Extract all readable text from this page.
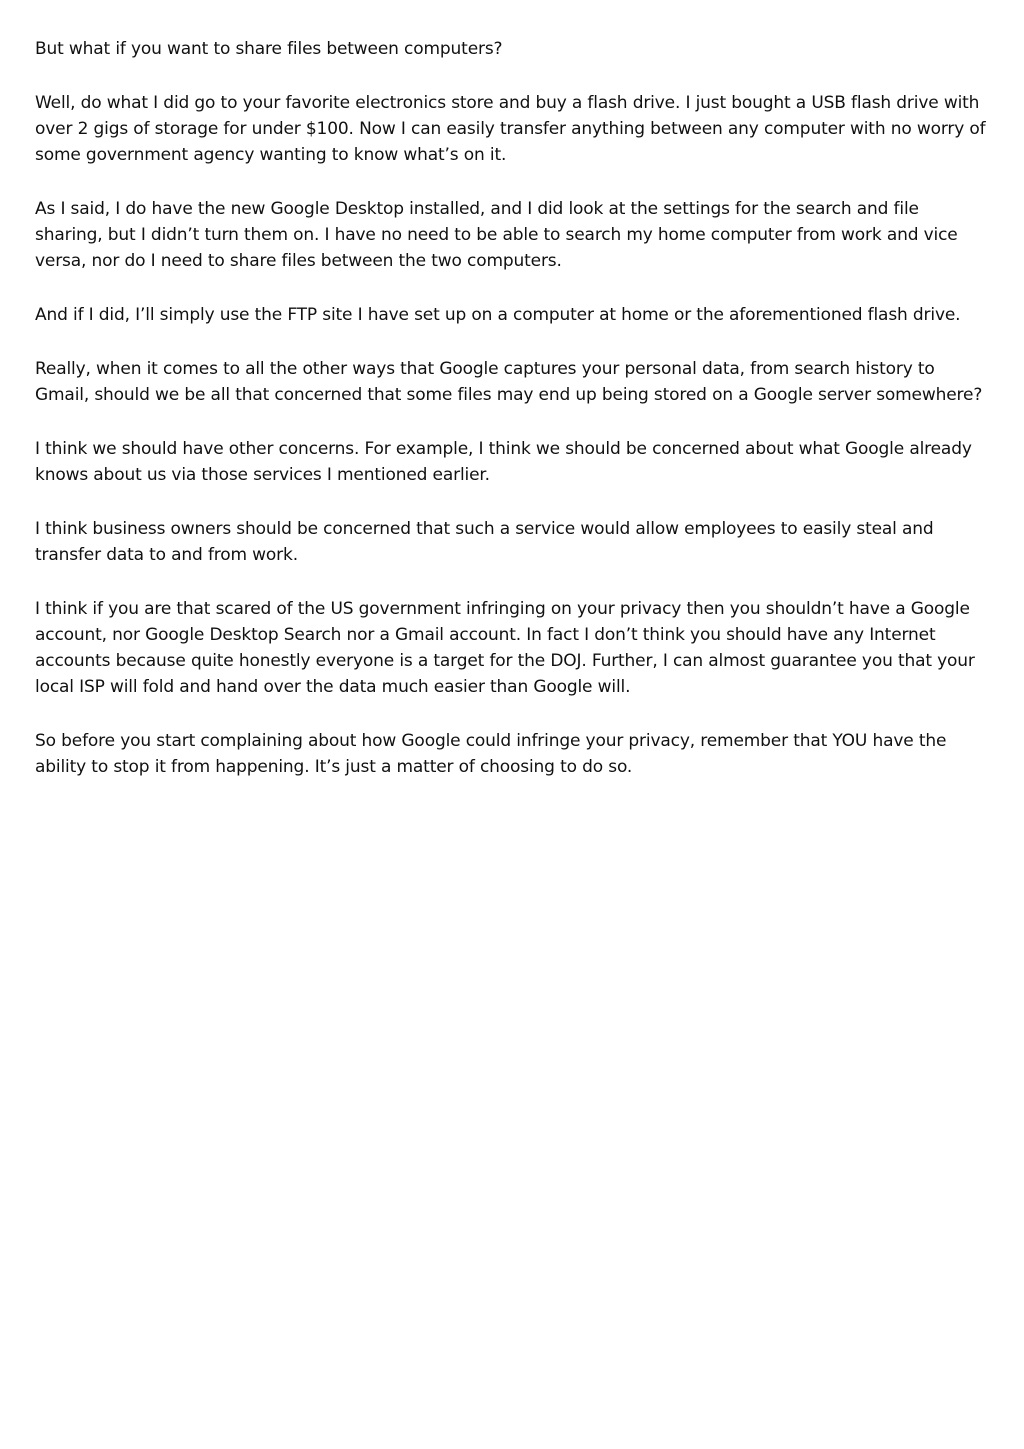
But what if you want to share files between computers?

Well, do what I did go to your favorite electronics store and buy a flash drive. I just bought a USB flash drive with over 2 gigs of storage for under $100. Now I can easily transfer anything between any computer with no worry of some government agency wanting to know what’s on it.

As I said, I do have the new Google Desktop installed, and I did look at the settings for the search and file sharing, but I didn’t turn them on. I have no need to be able to search my home computer from work and vice versa, nor do I need to share files between the two computers.

And if I did, I’ll simply use the FTP site I have set up on a computer at home or the aforementioned flash drive.

Really, when it comes to all the other ways that Google captures your personal data, from search history to Gmail, should we be all that concerned that some files may end up being stored on a Google server somewhere?

I think we should have other concerns. For example, I think we should be concerned about what Google already knows about us via those services I mentioned earlier.

I think business owners should be concerned that such a service would allow employees to easily steal and transfer data to and from work.

I think if you are that scared of the US government infringing on your privacy then you shouldn’t have a Google account, nor Google Desktop Search nor a Gmail account. In fact I don’t think you should have any Internet accounts because quite honestly everyone is a target for the DOJ. Further, I can almost guarantee you that your local ISP will fold and hand over the data much easier than Google will.

So before you start complaining about how Google could infringe your privacy, remember that YOU have the ability to stop it from happening. It’s just a matter of choosing to do so.
